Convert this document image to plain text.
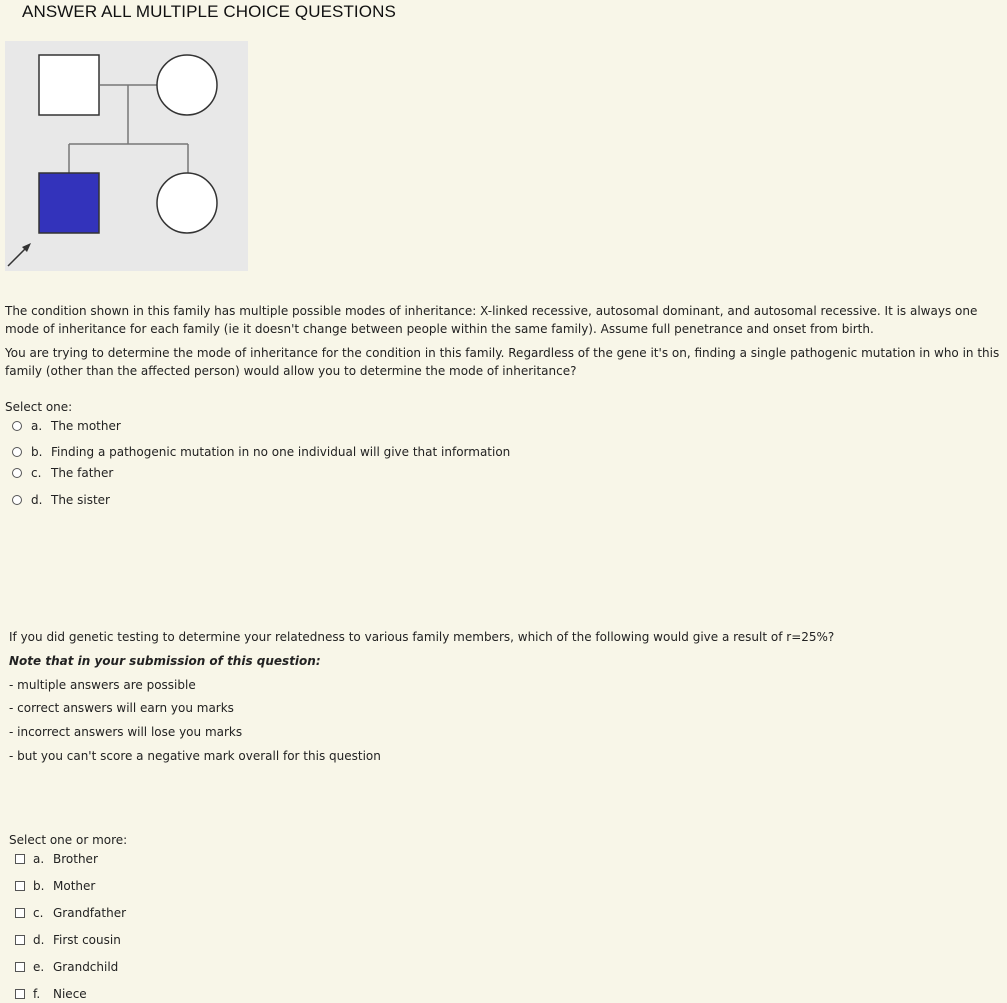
ANSWER ALL MULTIPLE CHOICE QUESTIONS

The condition shown in this family has multiple possible modes of inheritance: X-linked recessive, autosomal dominant, and autosomal recessive. It is always one mode of inheritance for each family (ie it doesn't change between people within the same family). Assume full penetrance and onset from birth.

You are trying to determine the mode of inheritance for the condition in this family. Regardless of the gene it's on, finding a single pathogenic mutation in who in this family (other than the affected person) would allow you to determine the mode of inheritance?

Select one:
a. The mother
b. Finding a pathogenic mutation in no one individual will give that information
c. The father
d. The sister

If you did genetic testing to determine your relatedness to various family members, which of the following would give a result of r=25%?

Note that in your submission of this question:
- multiple answers are possible
- correct answers will earn you marks
- incorrect answers will lose you marks
- but you can't score a negative mark overall for this question
Select one or more:
a. Brother
b. Mother
c. Grandfather
d. First cousin
e. Grandchild
f.	Niece
